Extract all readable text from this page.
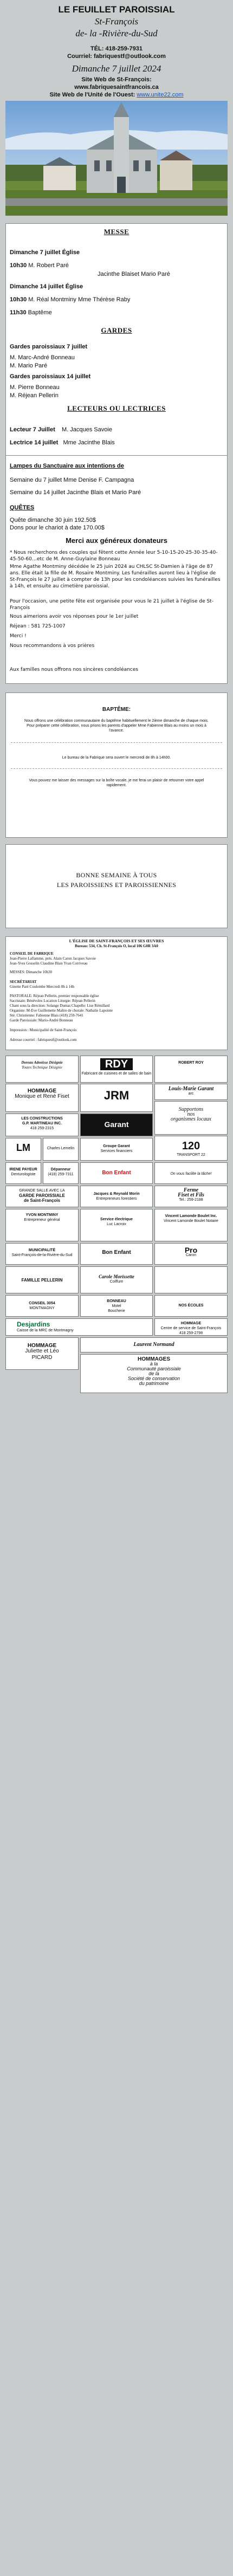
LE FEUILLET PAROISSIAL
St-François
de- la -Rivière-du-Sud
TÉL: 418-259-7931
Courriel: fabriquestf@outlook.com
Dimanche 7 juillet 2024
Site Web de St-François:
www.fabriquesaintfrancois.ca
Site Web de l'Unité de l'Ouest: www.unite22.com
MESSE
Dimanche 7 juillet Église
10h30 M. Robert Paré
Jacinthe Blaiset Mario Paré
Dimanche 14 juillet Église
10h30 M. Réal Montminy Mme Thérèse Raby
11h30 Baptême
GARDES
Gardes paroissiaux 7 juillet
M. Marc-André Bonneau
M. Mario Paré
Gardes paroissiaux 14 juillet
M. Pierre Bonneau
M. Réjean Pellerin
LECTEURS OU LECTRICES
Lecteur 7 Juillet M. Jacques Savoie
Lectrice 14 juillet Mme Jacinthe Blais
Lampes du Sanctuaire aux intentions de
Semaine du 7 juillet Mme Denise F. Campagna
Semaine du 14 juillet Jacinthe Blais et Mario Paré
QUÊTES
Quête dimanche 30 juin 192.50$
Dons pour le chariot à date 170.00$
Merci aux généreux donateurs
* Nous recherchons des couples qui fêtent cette Année leur 5-10-15-20-25-30-35-40-45-50-60…etc de M. Anne-Guylaine Bonneau
Mme Agathe Montminy décédée le 25 juin 2024 au CHLSC St-Damien à l'âge de 87 ans. Elle était la fille de M. Rosaire Montminy. Les funérailles auront lieu à l'église de St-François le 27 juillet à compter de 13h pour les condoléances suivies les funérailles à 14h, et ensuite au cimetière paroissial.
Pour l'occasion, une petite fête est organisée pour vous le 21 juillet à l'église de St-François
Nous aimerions avoir vos réponses pour le 1er juillet
Réjean : 581 725-1007
Merci !
Nous recommandons à vos prières
Aux familles nous offrons nos sincères condoléances
BAPTÊME:
Nous offrons une célébration communautaire du baptême habituellement le 2ième dimanche de chaque mois. Pour préparer cette célébration, nous prions les parents d'appeler Mme Fabienne Blais au moins un mois à l'avance.
Le bureau de la Fabrique sera ouvert le mercredi de 8h à 14h00.
Vous pouvez me laisser des messages sur la boîte vocale, je me ferai un plaisir de retourner votre appel rapidement.
BONNE SEMAINE À TOUS
LES PAROISSIENS ET PAROISSIENNES
L'ÉGLISE DE SAINT-FRANÇOIS ET SES ŒUVRES
Bureau: 534, Ch. St-François O, local 106 G0R 3A0
CONSEIL DE FABRIQUE
Jean-Pierre Laflamme, prés. Alain Caron Jacques Savoie
Jean-Yves Gosselin Claudine Blais Yvan Corriveau
MESSES: Dimanche 10h30
SECRÉTARIAT
Ginette Paré Coulombe Mercredi 8h à 14h
PASTORALE: Réjean Pellerin, premier responsable église
Sacristain: Bénévoles Location Liturgie: Réjean Pellerin
Chant sous la direction: Solange Dumas Chapelle: Lise Rémillard
Organiste: M-Eve Guillemette Maître de chorale: Nathalie Lapointe
Sté. Christienne: Fabienne Blais (418) 259-7641
Garde Paroissiale: Mario-André Bonneau
Impression : Municipalité de Saint-François
Adresse courriel : fabriquestf@outlook.com
Doreau Adonisse Désignie
Toutes Technique Désignie	RDY
Fabricant de cuisines et de salles de bain
ROBERT ROY
HOMMAGE
Monique et René Fiset	JRM	Louis-Marie Garant
arc
LES CONSTRUCTIONS
G.P. MARTINEAU INC.
418 259-2315
Supportons
nos
organismes locaux
Garant
LM	Charles Lemelin
Groupe Garant
Services financiers	120
TRANSPORT 22
IRENE PAYEUR
Denturologiste
Dépanneur
(418) 259-7311	Bon Enfant	On vous facilite la tâche!
GRANDE SALLE AVEC LA
GARDE PAROISSIALE
de Saint-François
Ferme
Fiset et Fils
Tel.: 259-2188
Jacques & Reynald Morin
Entrepreneurs forestiers
YVON MONTMINY
Entrepreneur général	Service électrique
Luc Lacroix
Vincent Lamonde Boulet Inc.
Vincent Lamonde Boulet Notaire
MUNICIPALITÉ
Saint-François-de-la-Rivière-du-Sud	Bon Enfant	Pro
Caron
FAMILLE PELLERIN
Carole Morissette
Coiffure
CONSEIL 3054
MONTMAGNY
BONNEAU
Motel
Boucherie
NOS ÉCOLES
Desjardins
Caisse de la MRC de Montmagny
HOMMAGE
Centre de service de Saint-François
418 259-2798
HOMMAGE
Juliette et Léo
PICARD
Laurent Normand
HOMMAGES
à la
Communauté paroissiale
de la
Société de conservation
du patrimoine
